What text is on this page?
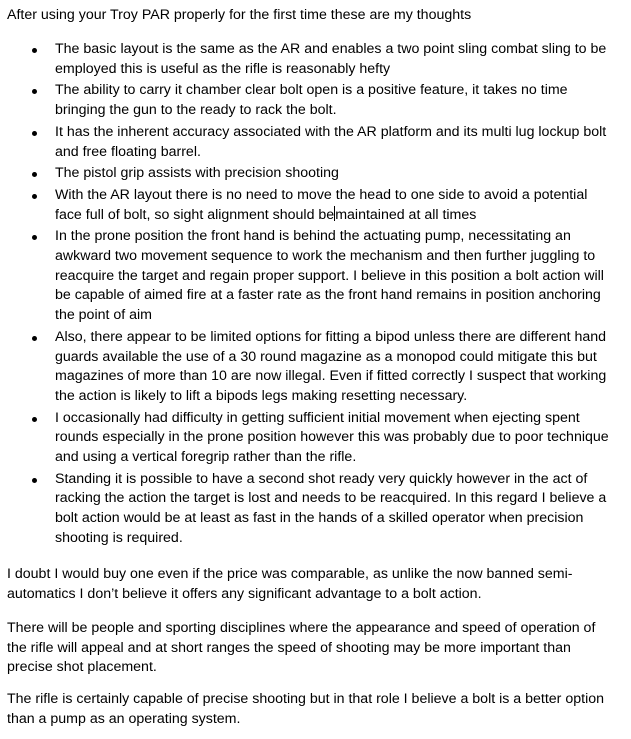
After using your Troy PAR properly for the first time these are my thoughts

The basic layout is the same as the AR and enables a two point sling combat sling to be employed this is useful as the rifle is reasonably hefty
The ability to carry it chamber clear bolt open is a positive feature, it takes no time bringing the gun to the ready to rack the bolt.
It has the inherent accuracy associated with the AR platform and its multi lug lockup bolt and free floating barrel.
The pistol grip assists with precision shooting
With the AR layout there is no need to move the head to one side to avoid a potential face full of bolt, so sight alignment should bemaintained at all times
In the prone position the front hand is behind the actuating pump, necessitating an awkward two movement sequence to work the mechanism and then further juggling to reacquire the target and regain proper support. I believe in this position a bolt action will be capable of aimed fire at a faster rate as the front hand remains in position anchoring the point of aim
Also, there appear to be limited options for fitting a bipod unless there are different hand guards available the use of a 30 round magazine as a monopod could mitigate this but magazines of more than 10 are now illegal. Even if fitted correctly I suspect that working the action is likely to lift a bipods legs making resetting necessary.
I occasionally had difficulty in getting sufficient initial movement when ejecting spent rounds especially in the prone position however this was probably due to poor technique and using a vertical foregrip rather than the rifle.
Standing it is possible to have a second shot ready very quickly however in the act of racking the action the target is lost and needs to be reacquired. In this regard I believe a bolt action would be at least as fast in the hands of a skilled operator when precision shooting is required.

I doubt I would buy one even if the price was comparable, as unlike the now banned semi-automatics I don’t believe it offers any significant advantage to a bolt action.

There will be people and sporting disciplines where the appearance and speed of operation of the rifle will appeal and at short ranges the speed of shooting may be more important than precise shot placement.

The rifle is certainly capable of precise shooting but in that role I believe a bolt is a better option than a pump as an operating system.
